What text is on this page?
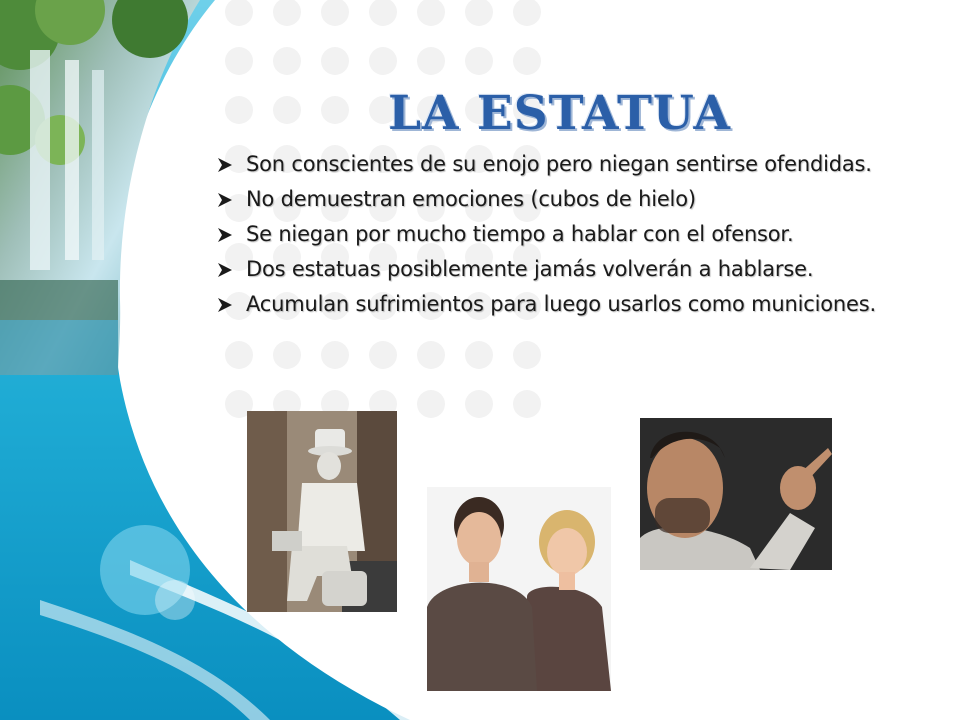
LA ESTATUA
Son conscientes de su enojo pero niegan sentirse ofendidas.
No demuestran emociones (cubos de hielo)
Se niegan por mucho tiempo a hablar con el ofensor.
Dos estatuas posiblemente jamás volverán a hablarse.
Acumulan sufrimientos para luego usarlos como municiones.
